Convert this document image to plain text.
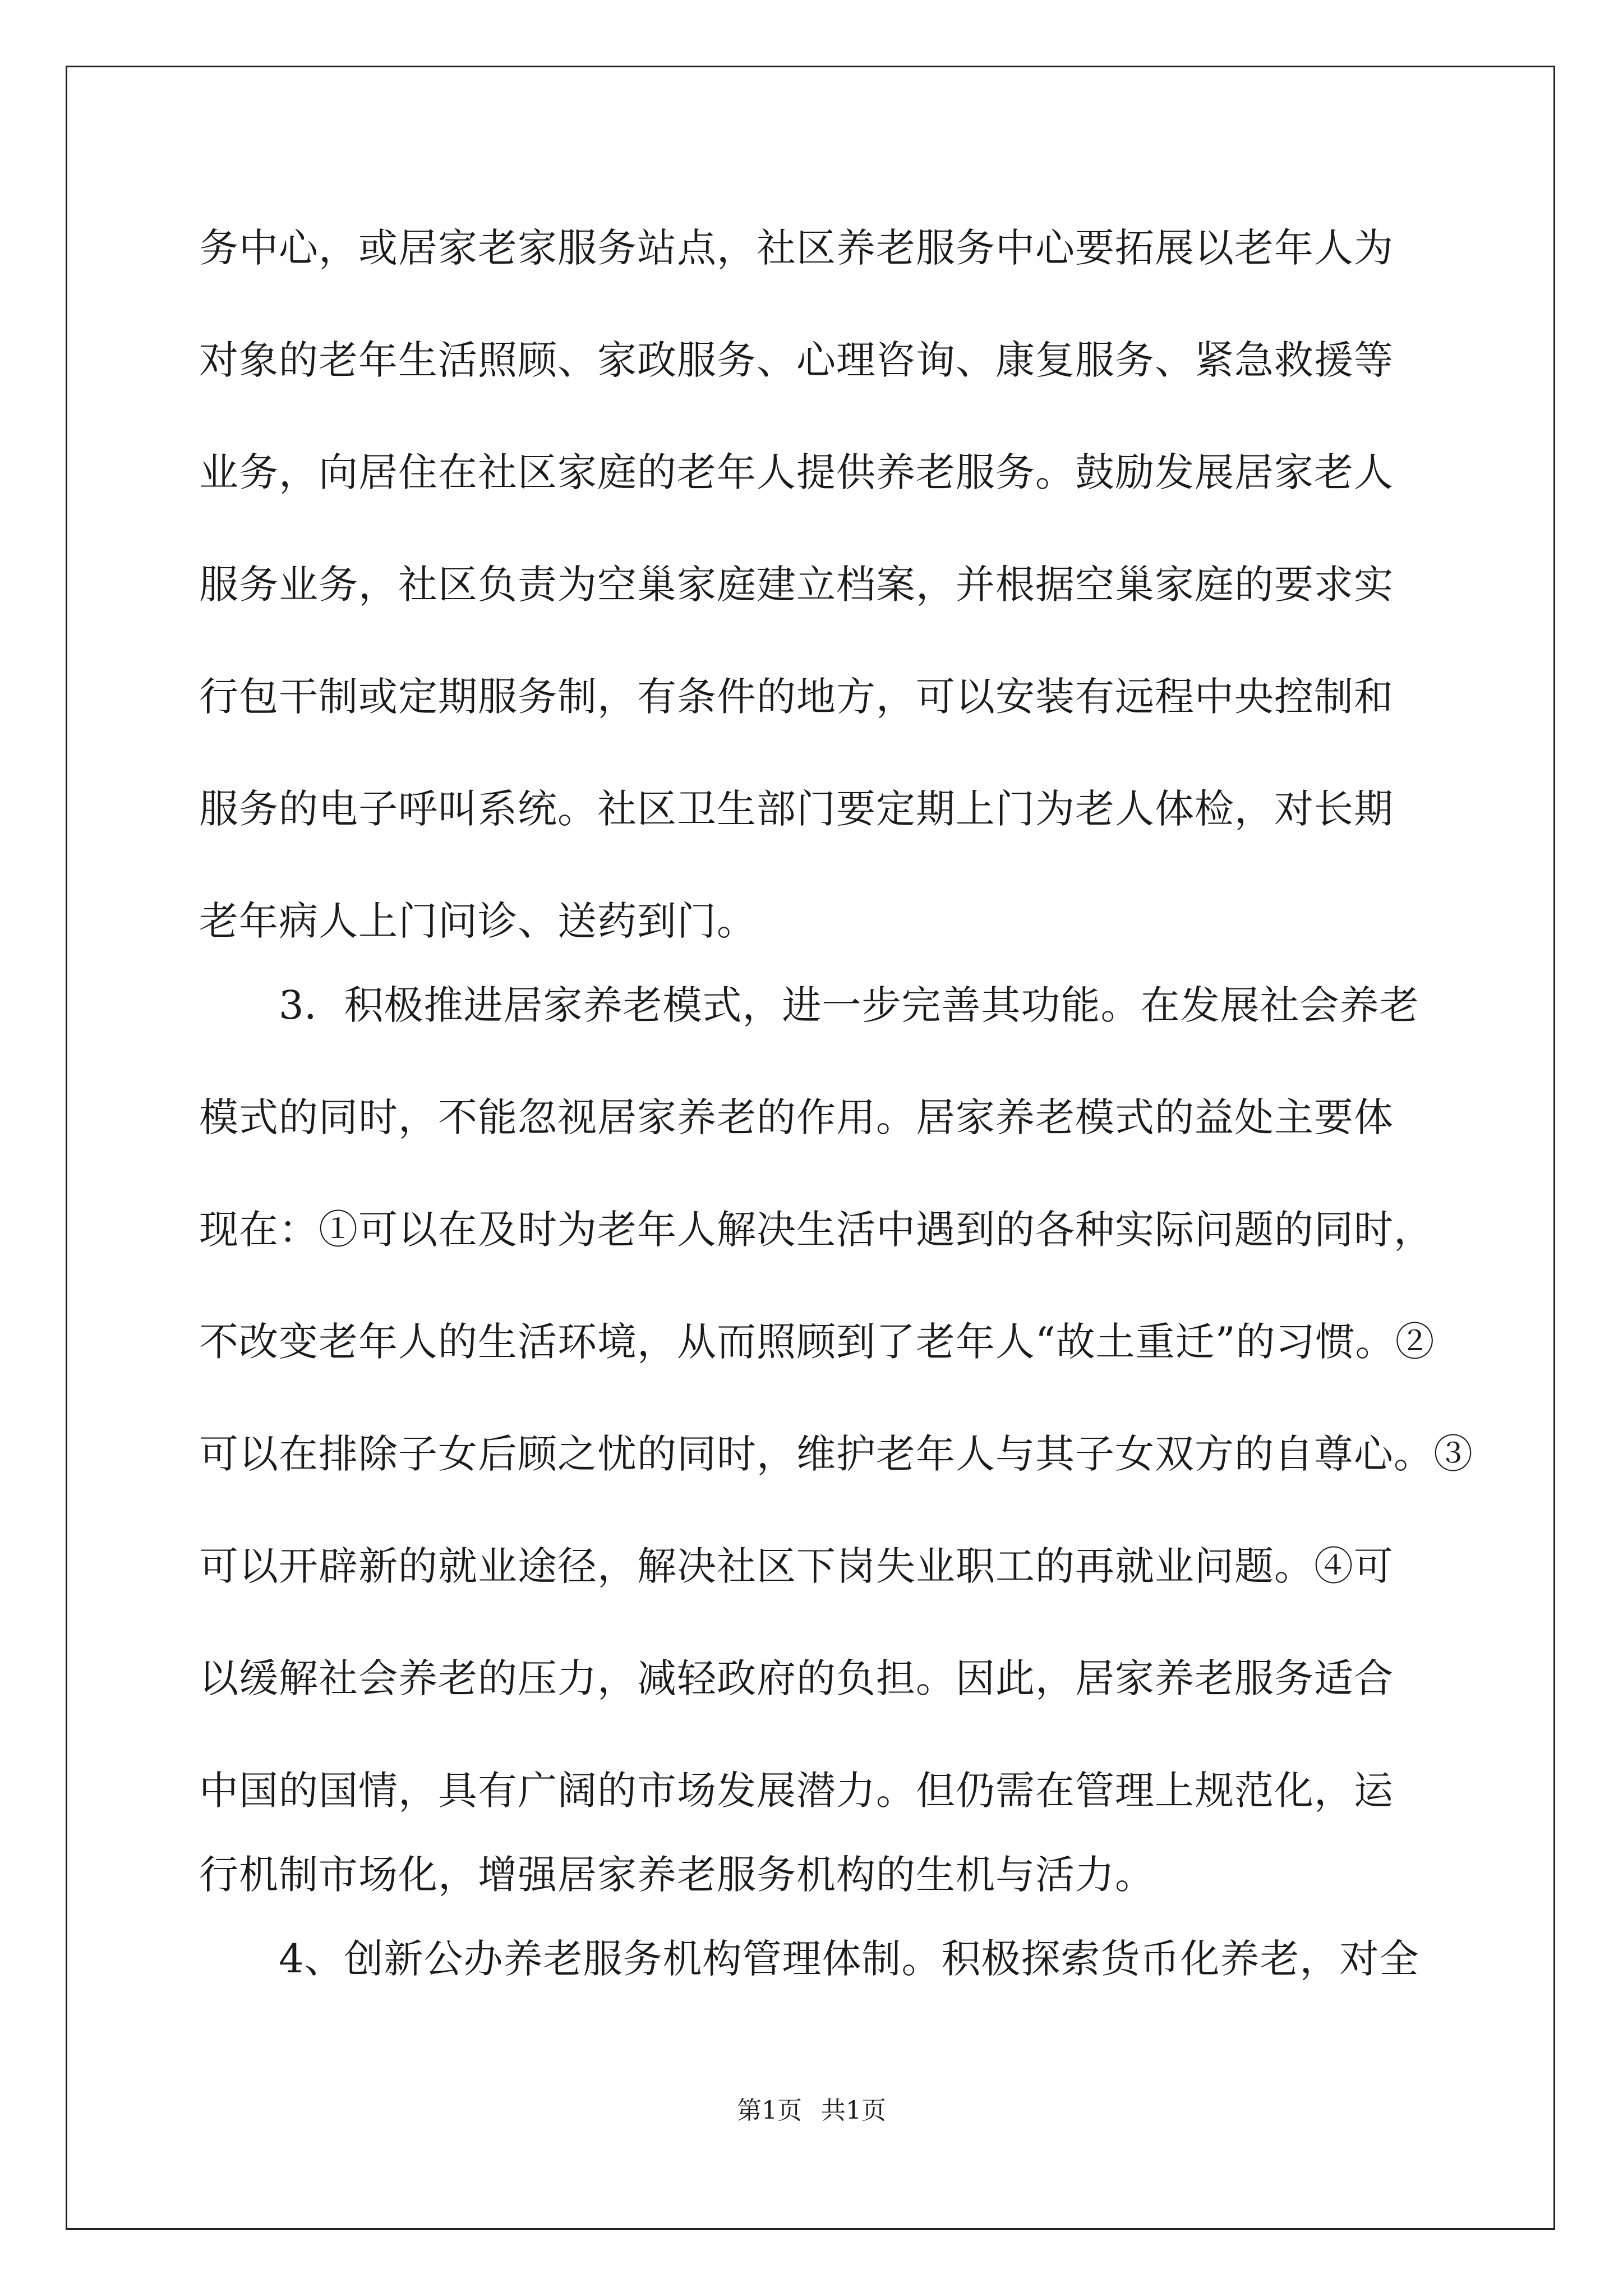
务中心，或居家老家服务站点，社区养老服务中心要拓展以老年人为
对象的老年生活照顾、家政服务、心理咨询、康复服务、紧急救援等
业务，向居住在社区家庭的老年人提供养老服务。鼓励发展居家老人
服务业务，社区负责为空巢家庭建立档案，并根据空巢家庭的要求实
行包干制或定期服务制，有条件的地方，可以安装有远程中央控制和
服务的电子呼叫系统。社区卫生部门要定期上门为老人体检，对长期
老年病人上门问诊、送药到门。
3．积极推进居家养老模式，进一步完善其功能。在发展社会养老
模式的同时，不能忽视居家养老的作用。居家养老模式的益处主要体
现在：①可以在及时为老年人解决生活中遇到的各种实际问题的同时，
不改变老年人的生活环境，从而照顾到了老年人“故土重迁”的习惯。②
可以在排除子女后顾之忧的同时，维护老年人与其子女双方的自尊心。③
可以开辟新的就业途径，解决社区下岗失业职工的再就业问题。④可
以缓解社会养老的压力，减轻政府的负担。因此，居家养老服务适合
中国的国情，具有广阔的市场发展潜力。但仍需在管理上规范化，运
行机制市场化，增强居家养老服务机构的生机与活力。
4、创新公办养老服务机构管理体制。积极探索货币化养老，对全
第1页 共1页
